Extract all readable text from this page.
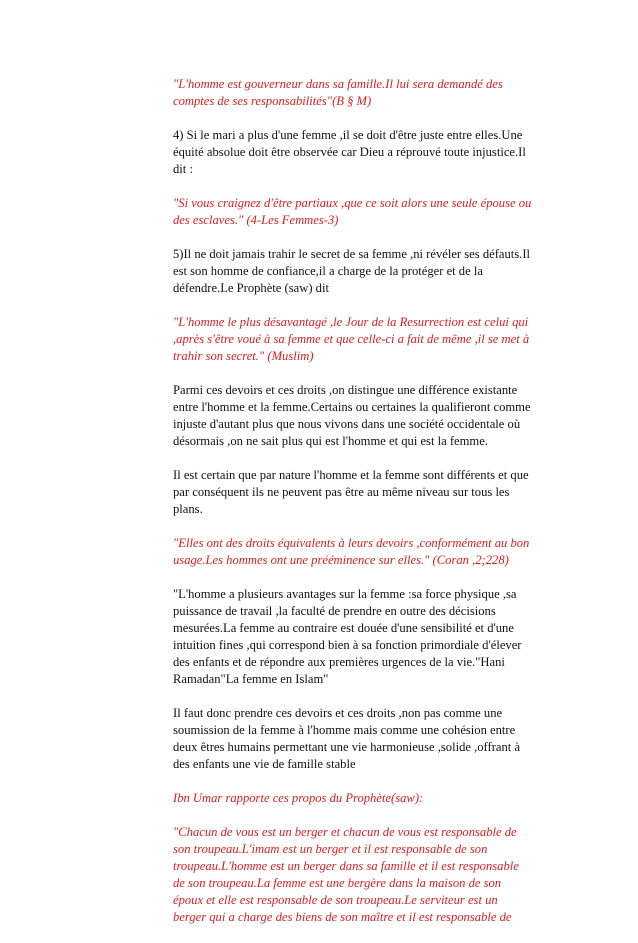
"L'homme est gouverneur dans sa famille.Il lui sera demandé des
comptes de ses responsabilités"(B § M)
4) Si le mari a plus d'une femme ,il se doit d'être juste entre elles.Une
équité absolue doit être observée car Dieu a réprouvé toute injustice.Il
dit :
"Si vous craignez d'être partiaux ,que ce soit alors une seule épouse ou
des esclaves." (4-Les Femmes-3)
5)Il ne doit jamais trahir le secret de sa femme ,ni révéler ses défauts.Il
est son homme de confiance,il a charge de la protéger et de la
défendre.Le Prophète (saw) dit
"L'homme le plus désavantagé ,le Jour de la Resurrection est celui qui
,après s'être voué à sa femme et que celle-ci a fait de même ,il se met à
trahir son secret." (Muslim)
Parmi ces devoirs et ces droits ,on distingue une différence existante
entre l'homme et la femme.Certains ou certaines la qualifieront comme
injuste d'autant plus que nous vivons dans une société occidentale où
désormais ,on ne sait plus qui est l'homme et qui est la femme.
Il est certain que par nature l'homme et la femme sont différents et que
par conséquent ils ne peuvent pas être au même niveau sur tous les
plans.
"Elles ont des droits équivalents à leurs devoirs ,conformément au bon
usage.Les hommes ont une prééminence sur elles." (Coran ,2;228)
"L'homme a plusieurs avantages sur la femme :sa force physique ,sa
puissance de travail ,la faculté de prendre en outre des décisions
mesurées.La femme au contraire est douée d'une sensibilité et d'une
intuition fines ,qui correspond bien à sa fonction primordiale d'élever
des enfants et de répondre aux premières urgences de la vie."Hani
Ramadan"La femme en Islam"
Il faut donc prendre ces devoirs et ces droits ,non pas comme une
soumission de la femme à l'homme mais comme une cohésion entre
deux êtres humains permettant une vie harmonieuse ,solide ,offrant à
des enfants une vie de famille stable
Ibn Umar rapporte ces propos du Prophète(saw):
"Chacun de vous est un berger et chacun de vous est responsable de
son troupeau.L'imam est un berger et il est responsable de son
troupeau.L'homme est un berger dans sa famille et il est responsable
de son troupeau.La femme est une bergère dans la maison de son
époux et elle est responsable de son troupeau.Le serviteur est un
berger qui a charge des biens de son maître et il est responsable de
